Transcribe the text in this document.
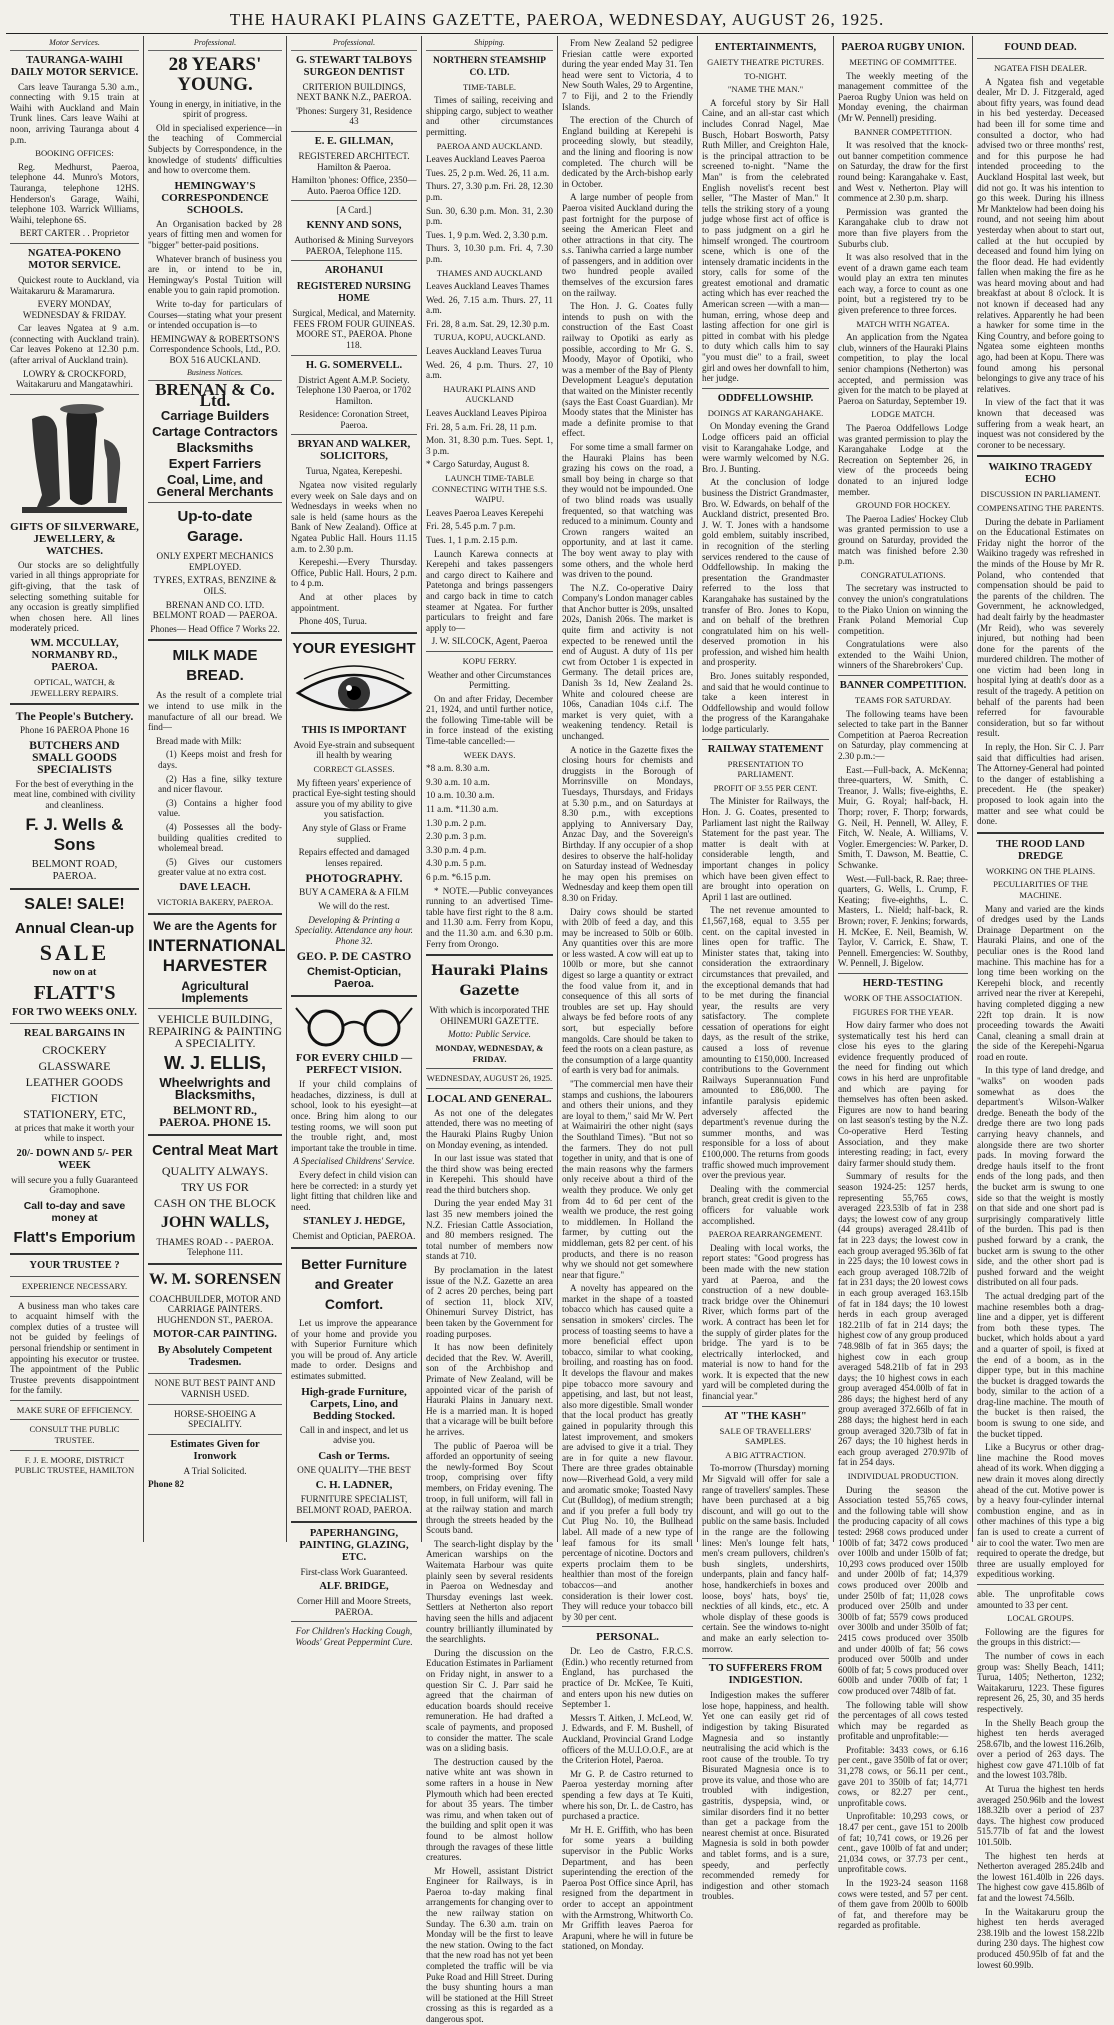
THE HAURAKI PLAINS GAZETTE, PAEROA, WEDNESDAY, AUGUST 26, 1925.
Motor Services.
TAURANGA-WAIHI DAILY MOTOR SERVICE.

Cars leave Tauranga 5.30 a.m., connecting with 9.15 train at Waihi with Auckland and Main Trunk lines. Cars leave Waihi at noon, arriving Tauranga about 4 p.m.

BOOKING OFFICES:

Reg. Medhurst, Paeroa, telephone 44. Munro's Motors, Tauranga, telephone 12HS. Henderson's Garage, Waihi, telephone 103. Warrick Williams, Waihi, telephone 6S.

BERT CARTER . . Proprietor

NGATEA-POKENO MOTOR SERVICE.

Quickest route to Auckland, via Waitakaruru & Maramarura.

EVERY MONDAY, WEDNESDAY & FRIDAY.

Car leaves Ngatea at 9 a.m. (connecting with Auckland train). Car leaves Pokeno at 12.30 p.m. (after arrival of Auckland train).

LOWRY & CROCKFORD, Waitakaruru and Mangatawhiri.

GIFTS OF SILVERWARE, JEWELLERY, & WATCHES.

Our stocks are so delightfully varied in all things appropriate for gift-giving, that the task of selecting something suitable for any occasion is greatly simplified when chosen here. All lines moderately priced.

WM. MCCULLAY, NORMANBY RD., PAEROA.
OPTICAL, WATCH, & JEWELLERY REPAIRS.
The People's Butchery.

Phone 16 PAEROA Phone 16

BUTCHERS AND SMALL GOODS SPECIALISTS

For the best of everything in the meat line, combined with civility and cleanliness.

F. J. Wells & Sons
BELMONT ROAD, PAEROA.
SALE! SALE!
Annual Clean-up
SALE
now on at
FLATT'S
FOR TWO WEEKS ONLY.
REAL BARGAINS IN
CROCKERY
GLASSWARE
LEATHER GOODS
FICTION
STATIONERY, ETC,

at prices that make it worth your while to inspect.

20/- DOWN AND 5/- PER WEEK

will secure you a fully Guaranteed Gramophone.

Call to-day and save money at
Flatt's Emporium
YOUR TRUSTEE ?
EXPERIENCE NECESSARY.

A business man who takes care to acquaint himself with the complex duties of a trustee will not be guided by feelings of personal friendship or sentiment in appointing his executor or trustee. The appointment of the Public Trustee prevents disappointment for the family.

MAKE SURE OF EFFICIENCY.
CONSULT THE PUBLIC TRUSTEE.
F. J. E. MOORE, DISTRICT PUBLIC TRUSTEE, HAMILTON
Professional.
28 YEARS' YOUNG.

Young in energy, in initiative, in the spirit of progress.

Old in specialised experience—in the teaching of Commercial Subjects by Correspondence, in the knowledge of students' difficulties and how to overcome them.

HEMINGWAY'S CORRESPONDENCE SCHOOLS.

An Organisation backed by 28 years of fitting men and women for "bigger" better-paid positions.

Whatever branch of business you are in, or intend to be in, Hemingway's Postal Tuition will enable you to gain rapid promotion.

Write to-day for particulars of Courses—stating what your present or intended occupation is—to

HEMINGWAY & ROBERTSON'S Correspondence Schools, Ltd., P.O. BOX 516 AUCKLAND.

Business Notices.
BRENAN & Co. Ltd.
Carriage Builders
Cartage Contractors
Blacksmiths
Expert Farriers
Coal, Lime, and General Merchants
Up-to-date Garage.

ONLY EXPERT MECHANICS EMPLOYED.

TYRES, EXTRAS, BENZINE & OILS.

BRENAN AND CO. LTD. BELMONT ROAD — PAEROA.

Phones— Head Office 7 Works 22.

MILK MADE BREAD.

As the result of a complete trial we intend to use milk in the manufacture of all our bread. We find—

Bread made with Milk:

(1) Keeps moist and fresh for days.

(2) Has a fine, silky texture and nicer flavour.

(3) Contains a higher food value.

(4) Possesses all the body-building qualities credited to wholemeal bread.

(5) Gives our customers greater value at no extra cost.

DAVE LEACH.
VICTORIA BAKERY, PAEROA.
We are the Agents for
INTERNATIONAL HARVESTER
Agricultural Implements
VEHICLE BUILDING, REPAIRING & PAINTING A SPECIALITY.
W. J. ELLIS,
Wheelwrights and Blacksmiths,
BELMONT RD., PAEROA. PHONE 15.
Central Meat Mart
QUALITY ALWAYS.
TRY US FOR
CASH ON THE BLOCK
JOHN WALLS,

THAMES ROAD - - PAEROA. Telephone 111.

W. M. SORENSEN

COACHBUILDER, MOTOR AND CARRIAGE PAINTERS. HUGHENDON ST., PAEROA.

MOTOR-CAR PAINTING.
By Absolutely Competent Tradesmen.

NONE BUT BEST PAINT AND VARNISH USED.

HORSE-SHOEING A SPECIALITY.

Estimates Given for Ironwork

A Trial Solicited.

Phone 82

Professional.
G. STEWART TALBOYS SURGEON DENTIST

CRITERION BUILDINGS, NEXT BANK N.Z., PAEROA.

'Phones: Surgery 31, Residence 43

E. E. GILLMAN,

REGISTERED ARCHITECT. Hamilton & Paeroa.

Hamilton 'phones: Office, 2350—Auto. Paeroa Office 12D.

[A Card.]

KENNY AND SONS,

Authorised & Mining Surveyors PAEROA, Telephone 115.

AROHANUI
REGISTERED NURSING HOME

Surgical, Medical, and Maternity. FEES FROM FOUR GUINEAS. MOORE ST., PAEROA. Phone 118.

H. G. SOMERVELL.

District Agent A.M.P. Society. Telephone 130 Paeroa, or 1702 Hamilton.

Residence: Coronation Street, Paeroa.

BRYAN AND WALKER, SOLICITORS,

Turua, Ngatea, Kerepeshi.

Ngatea now visited regularly every week on Sale days and on Wednesdays in weeks when no sale is held (same hours as the Bank of New Zealand). Office at Ngatea Public Hall. Hours 11.15 a.m. to 2.30 p.m.

Kerepeshi.—Every Thursday. Office, Public Hall. Hours, 2 p.m. to 4 p.m.

And at other places by appointment.

Phone 40S, Turua.

YOUR EYESIGHT
THIS IS IMPORTANT

Avoid Eye-strain and subsequent ill health by wearing

CORRECT GLASSES.

My fifteen years' experience of practical Eye-sight testing should assure you of my ability to give you satisfaction.

Any style of Glass or Frame supplied.

Repairs effected and damaged lenses repaired.

PHOTOGRAPHY.

BUY A CAMERA & A FILM

We will do the rest.

Developing & Printing a Speciality. Attendance any hour. Phone 32.

GEO. P. DE CASTRO
Chemist-Optician, Paeroa.
FOR EVERY CHILD —PERFECT VISION.

If your child complains of headaches, dizziness, is dull at school, look to his eyesight—at once. Bring him along to our testing rooms, we will soon put the trouble right, and, most important take the trouble in time.

A Specialised Childrens' Service.

Every defect in child vision can here be corrected: in a sturdy yet light fitting that children like and need.

STANLEY J. HEDGE,

Chemist and Optician, PAEROA.

Better Furniture and Greater Comfort.

Let us improve the appearance of your home and provide you with Superior Furniture which you will be proud of. Any article made to order. Designs and estimates submitted.

High-grade Furniture, Carpets, Lino, and Bedding Stocked.

Call in and inspect, and let us advise you.

Cash or Terms.

ONE QUALITY—THE BEST

C. H. LADNER,

FURNITURE SPECIALIST, BELMONT ROAD, PAEROA.

PAPERHANGING, PAINTING, GLAZING, ETC.

First-class Work Guaranteed.

ALF. BRIDGE,

Corner Hill and Moore Streets, PAEROA.

For Children's Hacking Cough, Woods' Great Peppermint Cure.

Shipping.
NORTHERN STEAMSHIP CO. LTD.
TIME-TABLE.

Times of sailing, receiving and shipping cargo, subject to weather and other circumstances permitting.

PAEROA AND AUCKLAND.

Leaves Auckland Leaves Paeroa

Tues. 25, 2 p.m. Wed. 26, 11 a.m.

Thurs. 27, 3.30 p.m. Fri. 28, 12.30 p.m.

Sun. 30, 6.30 p.m. Mon. 31, 2.30 p.m.

Tues. 1, 9 p.m. Wed. 2, 3.30 p.m.

Thurs. 3, 10.30 p.m. Fri. 4, 7.30 p.m.

THAMES AND AUCKLAND

Leaves Auckland Leaves Thames

Wed. 26, 7.15 a.m. Thurs. 27, 11 a.m.

Fri. 28, 8 a.m. Sat. 29, 12.30 p.m.

TURUA, KOPU, AUCKLAND.

Leaves Auckland Leaves Turua

Wed. 26, 4 p.m. Thurs. 27, 10 a.m.

HAURAKI PLAINS AND AUCKLAND

Leaves Auckland Leaves Pipiroa

Fri. 28, 5 a.m. Fri. 28, 11 p.m.

Mon. 31, 8.30 p.m. Tues. Sept. 1, 3 p.m.

* Cargo Saturday, August 8.

LAUNCH TIME-TABLE CONNECTING WITH THE S.S. WAIPU.

Leaves Paeroa Leaves Kerepehi

Fri. 28, 5.45 p.m. 7 p.m.

Tues. 1, 1 p.m. 2.15 p.m.

Launch Karewa connects at Kerepehi and takes passengers and cargo direct to Kaihere and Patetonga and brings passengers and cargo back in time to catch steamer at Ngatea. For further particulars to freight and fare apply to—

J. W. SILCOCK, Agent, Paeroa

KOPU FERRY.

Weather and other Circumstances Permitting.

On and after Friday, December 21, 1924, and until further notice, the following Time-table will be in force instead of the existing Time-table cancelled:—

WEEK DAYS.

*8 a.m. 8.30 a.m.

9.30 a.m. 10 a.m.

10 a.m. 10.30 a.m.

11 a.m. *11.30 a.m.

1.30 p.m. 2 p.m.

2.30 p.m. 3 p.m.

3.30 p.m. 4 p.m.

4.30 p.m. 5 p.m.

6 p.m. *6.15 p.m.

* NOTE.—Public conveyances running to an advertised Time-table have first right to the 8 a.m. and 11.30 a.m. Ferry from Kopu, and the 11.30 a.m. and 6.30 p.m. Ferry from Orongo.

Hauraki Plains Gazette

With which is incorporated THE OHINEMURI GAZETTE.

Motto: Public Service.

MONDAY, WEDNESDAY, & FRIDAY.
WEDNESDAY, AUGUST 26, 1925.
LOCAL AND GENERAL.

As not one of the delegates attended, there was no meeting of the Hauraki Plains Rugby Union on Monday evening, as intended.

In our last issue was stated that the third show was being erected in Kerepehi. This should have read the third butchers shop.

During the year ended May 31 last 35 new members joined the N.Z. Friesian Cattle Association, and 80 members resigned. The total number of members now stands at 710.

By proclamation in the latest issue of the N.Z. Gazette an area of 2 acres 20 perches, being part of section 11, block XIV, Ohinemuri Survey District, has been taken by the Government for roading purposes.

It has now been definitely decided that the Rev. W. Averill, son of the Archbishop and Primate of New Zealand, will be appointed vicar of the parish of Hauraki Plains in January next. He is a married man. It is hoped that a vicarage will be built before he arrives.

The public of Paeroa will be afforded an opportunity of seeing the newly-formed Boy Scout troop, comprising over fifty members, on Friday evening. The troop, in full uniform, will fall in at the railway station and march through the streets headed by the Scouts band.

The search-light display by the American warships on the Waitemata Harbour was quite plainly seen by several residents in Paeroa on Wednesday and Thursday evenings last week. Settlers at Netherton also report having seen the hills and adjacent country brilliantly illuminated by the searchlights.

During the discussion on the Education Estimates in Parliament on Friday night, in answer to a question Sir C. J. Parr said he agreed that the chairman of education boards should receive remuneration. He had drafted a scale of payments, and proposed to consider the matter. The scale was on a sliding basis.

The destruction caused by the native white ant was shown in some rafters in a house in New Plymouth which had been erected for about 35 years. The timber was rimu, and when taken out of the building and split open it was found to be almost hollow through the ravages of these little creatures.

Mr Howell, assistant District Engineer for Railways, is in Paeroa to-day making final arrangements for changing over to the new railway station on Sunday. The 6.30 a.m. train on Monday will be the first to leave the new station. Owing to the fact that the new road has not yet been completed the traffic will be via Puke Road and Hill Street. During the busy shunting hours a man will be stationed at the Hill Street crossing as this is regarded as a dangerous spot.

From New Zealand 52 pedigree Friesian cattle were exported during the year ended May 31. Ten head were sent to Victoria, 4 to New South Wales, 29 to Argentine, 7 to Fiji, and 2 to the Friendly Islands.

The erection of the Church of England building at Kerepehi is proceeding slowly, but steadily, and the lining and flooring is now completed. The church will be dedicated by the Arch-bishop early in October.

A large number of people from Paeroa visited Auckland during the past fortnight for the purpose of seeing the American Fleet and other attractions in that city. The s.s. Taniwha carried a large number of passengers, and in addition over two hundred people availed themselves of the excursion fares on the railway.

The Hon. J. G. Coates fully intends to push on with the construction of the East Coast railway to Opotiki as early as possible, according to Mr G. S. Moody, Mayor of Opotiki, who was a member of the Bay of Plenty Development League's deputation that waited on the Minister recently (says the East Coast Guardian). Mr Moody states that the Minister has made a definite promise to that effect.

For some time a small farmer on the Hauraki Plains has been grazing his cows on the road, a small boy being in charge so that they would not be impounded. One of two blind roads was usually frequented, so that watching was reduced to a minimum. County and Crown rangers waited an opportunity, and at last it came. The boy went away to play with some others, and the whole herd was driven to the pound.

The N.Z. Co-operative Dairy Company's London manager cables that Anchor butter is 209s, unsalted 202s, Danish 206s. The market is quite firm and activity is not expected to be renewed until the end of August. A duty of 11s per cwt from October 1 is expected in Germany. The detail prices are, Danish 3s 1d, New Zealand 2s. White and coloured cheese are 106s, Canadian 104s c.i.f. The market is very quiet, with a weakening tendency. Retail is unchanged.

A notice in the Gazette fixes the closing hours for chemists and druggists in the Borough of Morrinsville on Mondays, Tuesdays, Thursdays, and Fridays at 5.30 p.m., and on Saturdays at 8.30 p.m., with exceptions applying to Anniversary Day, Anzac Day, and the Sovereign's Birthday. If any occupier of a shop desires to observe the half-holiday on Saturday instead of Wednesday he may open his premises on Wednesday and keep them open till 8.30 on Friday.

Dairy cows should be started with 20lb of feed a day, and this may be increased to 50lb or 60lb. Any quantities over this are more or less wasted. A cow will eat up to 100lb or more, but she cannot digest so large a quantity or extract the food value from it, and in consequence of this all sorts of troubles are set up. Hay should always be fed before roots of any sort, but especially before mangolds. Care should be taken to feed the roots on a clean pasture, as the consumption of a large quantity of earth is very bad for animals.

"The commercial men have their stamps and cushions, the labourers and others their unions, and they are loyal to them," said Mr W. Pert at Waimairiri the other night (says the Southland Times). "But not so the farmers. They do not pull together in unity, and that is one of the main reasons why the farmers only receive about a third of the wealth they produce. We only get from 4d to 6d per cent of the wealth we produce, the rest going to middlemen. In Holland the farmer, by cutting out the middleman, gets 82 per cent. of his products, and there is no reason why we should not get somewhere near that figure."

A novelty has appeared on the market in the shape of a toasted tobacco which has caused quite a sensation in smokers' circles. The process of toasting seems to have a more beneficial effect upon tobacco, similar to what cooking, broiling, and roasting has on food. It develops the flavour and makes pipe tobacco more savoury and appetising, and last, but not least, also more digestible. Small wonder that the local product has greatly gained in popularity through this latest improvement, and smokers are advised to give it a trial. They are in for quite a new flavour. There are three grades obtainable now—Riverhead Gold, a very mild and aromatic smoke; Toasted Navy Cut (Bulldog), of medium strength; and if you prefer a full body try Cut Plug No. 10, the Bullhead label. All made of a new type of leaf famous for its small percentage of nicotine. Doctors and experts proclaim them to be healthier than most of the foreign tobaccos—and another consideration is their lower cost. They will reduce your tobacco bill by 30 per cent.

PERSONAL.

Dr. Leo de Castro, F.R.C.S. (Edin.) who recently returned from England, has purchased the practice of Dr. McKee, Te Kuiti, and enters upon his new duties on September 1.

Messrs T. Aitken, J. McLeod, W. J. Edwards, and F. M. Bushell, of Auckland, Provincial Grand Lodge officers of the M.U.I.O.O.F., are at the Criterion Hotel, Paeroa.

Mr G. P. de Castro returned to Paeroa yesterday morning after spending a few days at Te Kuiti, where his son, Dr. L. de Castro, has purchased a practice.

Mr H. E. Griffith, who has been for some years a building supervisor in the Public Works Department, and has been superintending the erection of the Paeroa Post Office since April, has resigned from the department in order to accept an appointment with the Armstrong, Whitworth Co. Mr Griffith leaves Paeroa for Arapuni, where he will in future be stationed, on Monday.

ENTERTAINMENTS,
GAIETY THEATRE PICTURES.
TO-NIGHT.
"NAME THE MAN."

A forceful story by Sir Hall Caine, and an all-star cast which includes Conrad Nagel, Mae Busch, Hobart Bosworth, Patsy Ruth Miller, and Creighton Hale, is the principal attraction to be screened to-night. "Name the Man" is from the celebrated English novelist's recent best seller, "The Master of Man." It tells the striking story of a young judge whose first act of office is to pass judgment on a girl he himself wronged. The courtroom scene, which is one of the intensely dramatic incidents in the story, calls for some of the greatest emotional and dramatic acting which has ever reached the American screen —with a man—human, erring, whose deep and lasting affection for one girl is pitted in combat with his pledge to duty which calls him to say "you must die" to a frail, sweet girl and owes her downfall to him, her judge.

ODDFELLOWSHIP.
DOINGS AT KARANGAHAKE.

On Monday evening the Grand Lodge officers paid an official visit to Karangahake Lodge, and were warmly welcomed by N.G. Bro. J. Bunting.

At the conclusion of lodge business the District Grandmaster, Bro. W. Edwards, on behalf of the Auckland district, presented Bro. J. W. T. Jones with a handsome gold emblem, suitably inscribed, in recognition of the sterling services rendered to the cause of Oddfellowship. In making the presentation the Grandmaster referred to the loss that Karangahake has sustained by the transfer of Bro. Jones to Kopu, and on behalf of the brethren congratulated him on his well-deserved promotion in his profession, and wished him health and prosperity.

Bro. Jones suitably responded, and said that he would continue to take a keen interest in Oddfellowship and would follow the progress of the Karangahake lodge particularly.

RAILWAY STATEMENT
PRESENTATION TO PARLIAMENT.
PROFIT OF 3.55 PER CENT.

The Minister for Railways, the Hon. J. G. Coates, presented to Parliament last night the Railway Statement for the past year. The matter is dealt with at considerable length, and important changes in policy which have been given effect to are brought into operation on April 1 last are outlined.

The net revenue amounted to £1,567,168, equal to 3.55 per cent. on the capital invested in lines open for traffic. The Minister states that, taking into consideration the extraordinary circumstances that prevailed, and the exceptional demands that had to be met during the financial year, the results are very satisfactory. The complete cessation of operations for eight days, as the result of the strike, caused a loss of revenue amounting to £150,000. Increased contributions to the Government Railways Superannuation Fund amounted to £86,000. The infantile paralysis epidemic adversely affected the department's revenue during the summer months, and was responsible for a loss of about £100,000. The returns from goods traffic showed much improvement over the previous year.

Dealing with the commercial branch, great credit is given to the officers for valuable work accomplished.

PAEROA REARRANGEMENT.

Dealing with local works, the report states: "Good progress has been made with the new station yard at Paeroa, and the construction of a new double-track bridge over the Ohinemuri River, which forms part of the work. A contract has been let for the supply of girder plates for the bridge. The yard is to be electrically interlocked, and material is now to hand for the work. It is expected that the new yard will be completed during the financial year."

AT "THE KASH"
SALE OF TRAVELLERS' SAMPLES.
A BIG ATTRACTION.

To-morrow (Thursday) morning Mr Sigvald will offer for sale a range of travellers' samples. These have been purchased at a big discount, and will go out to the public on the same basis. Included in the range are the following lines: Men's lounge felt hats, men's cream pullovers, children's bush singlets, undershirts, underpants, plain and fancy half-hose, handkerchiefs in boxes and loose, boys' hats, boys' tie, neckties of all kinds, etc., etc. A whole display of these goods is certain. See the windows to-night and make an early selection to-morrow.

TO SUFFERERS FROM INDIGESTION.

Indigestion makes the sufferer lose hope, happiness, and health. Yet one can easily get rid of indigestion by taking Bisurated Magnesia and so instantly neutralising the acid which is the root cause of the trouble. To try Bisurated Magnesia once is to prove its value, and those who are troubled with indigestion, gastritis, dyspepsia, wind, or similar disorders find it no better than get a package from the nearest chemist at once. Bisurated Magnesia is sold in both powder and tablet forms, and is a sure, speedy, and perfectly recommended remedy for indigestion and other stomach troubles.

PAEROA RUGBY UNION.
MEETING OF COMMITTEE.

The weekly meeting of the management committee of the Paeroa Rugby Union was held on Monday evening, the chairman (Mr W. Pennell) presiding.

BANNER COMPETITION.

It was resolved that the knock-out banner competition commence on Saturday, the draw for the first round being: Karangahake v. East, and West v. Netherton. Play will commence at 2.30 p.m. sharp.

Permission was granted the Karangahake club to draw not more than five players from the Suburbs club.

It was also resolved that in the event of a drawn game each team would play an extra ten minutes each way, a force to count as one point, but a registered try to be given preference to three forces.

MATCH WITH NGATEA.

An application from the Ngatea club, winners of the Hauraki Plains competition, to play the local senior champions (Netherton) was accepted, and permission was given for the match to be played at Paeroa on Saturday, September 19.

LODGE MATCH.

The Paeroa Oddfellows Lodge was granted permission to play the Karangahake Lodge at the Recreation on September 26, in view of the proceeds being donated to an injured lodge member.

GROUND FOR HOCKEY.

The Paeroa Ladies' Hockey Club was granted permission to use a ground on Saturday, provided the match was finished before 2.30 p.m.

CONGRATULATIONS.

The secretary was instructed to convey the union's congratulations to the Piako Union on winning the Frank Poland Memorial Cup competition.

Congratulations were also extended to the Waihi Union, winners of the Sharebrokers' Cup.

BANNER COMPETITION.
TEAMS FOR SATURDAY.

The following teams have been selected to take part in the Banner Competition at Paeroa Recreation on Saturday, play commencing at 2.30 p.m.:—

East.—Full-back, A. McKenna; three-quarters, W. Smith, C. Treanor, J. Walls; five-eighths, E. Muir, G. Royal; half-back, H. Thorp; rover, F. Thorp; forwards, G. Neil, H. Pennell, W. Alley, F. Fitch, W. Neale, A. Williams, V. Vogler. Emergencies: W. Parker, D. Smith, T. Dawson, M. Beattie, C. Schwanke.

West.—Full-back, R. Rae; three-quarters, G. Wells, L. Crump, F. Keating; five-eighths, L. C. Masters, L. Nield; half-back, R. Brown; rover, F. Jenkins; forwards, H. McKee, E. Neil, Beamish, W. Taylor, V. Carrick, E. Shaw, T. Pennell. Emergencies: W. Southby, W. Pennell, J. Bigelow.

HERD-TESTING
WORK OF THE ASSOCIATION.
FIGURES FOR THE YEAR.

How dairy farmer who does not systematically test his herd can close his eyes to the glaring evidence frequently produced of the need for finding out which cows in his herd are unprofitable and which are paying for themselves has often been asked. Figures are now to hand bearing on last season's testing by the N.Z. Co-operative Herd Testing Association, and they make interesting reading; in fact, every dairy farmer should study them.

Summary of results for the season 1924-25: 1257 herds, representing 55,765 cows, averaged 223.53lb of fat in 238 days; the lowest cow of any group (44 groups) averaged 28.41lb of fat in 223 days; the lowest cow in each group averaged 95.36lb of fat in 225 days; the 10 lowest cows in each group averaged 108.72lb of fat in 231 days; the 20 lowest cows in each group averaged 163.15lb of fat in 184 days; the 10 lowest herds in each group averaged 182.21lb of fat in 214 days; the highest cow of any group produced 748.98lb of fat in 365 days; the highest cow in each group averaged 548.21lb of fat in 293 days; the 10 highest cows in each group averaged 454.00lb of fat in 286 days; the highest herd of any group averaged 372.66lb of fat in 288 days; the highest herd in each group averaged 320.73lb of fat in 267 days; the 10 highest herds in each group averaged 270.97lb of fat in 254 days.

INDIVIDUAL PRODUCTION.

During the season the Association tested 55,765 cows, and the following table will show the producing capacity of all cows tested: 2968 cows produced under 100lb of fat; 3472 cows produced over 100lb and under 150lb of fat; 10,293 cows produced over 150lb and under 200lb of fat; 14,379 cows produced over 200lb and under 250lb of fat; 11,028 cows produced over 250lb and under 300lb of fat; 5579 cows produced over 300lb and under 350lb of fat; 2415 cows produced over 350lb and under 400lb of fat; 56 cows produced over 500lb and under 600lb of fat; 5 cows produced over 600lb and under 700lb of fat; 1 cow produced over 748lb of fat.

The following table will show the percentages of all cows tested which may be regarded as profitable and unprofitable:—

Profitable: 3433 cows, or 6.16 per cent., gave 350lb of fat or over; 31,278 cows, or 56.11 per cent., gave 201 to 350lb of fat; 14,771 cows, or 82.27 per cent., unprofitable cows.

Unprofitable: 10,293 cows, or 18.47 per cent., gave 151 to 200lb of fat; 10,741 cows, or 19.26 per cent., gave 100lb of fat and under; 21,034 cows, or 37.73 per cent., unprofitable cows.

In the 1923-24 season 1168 cows were tested, and 57 per cent. of them gave from 200lb to 600lb of fat, and therefore may be regarded as profitable.

FOUND DEAD.
NGATEA FISH DEALER.

A Ngatea fish and vegetable dealer, Mr D. J. Fitzgerald, aged about fifty years, was found dead in his bed yesterday. Deceased had been ill for some time and consulted a doctor, who had advised two or three months' rest, and for this purpose he had intended proceeding to the Auckland Hospital last week, but did not go. It was his intention to go this week. During his illness Mr Manktelow had been doing his round, and not seeing him about yesterday when about to start out, called at the hut occupied by deceased and found him lying on the floor dead. He had evidently fallen when making the fire as he was heard moving about and had breakfast at about 8 o'clock. It is not known if deceased had any relatives. Apparently he had been a hawker for some time in the King Country, and before going to Ngatea some eighteen months ago, had been at Kopu. There was found among his personal belongings to give any trace of his relatives.

In view of the fact that it was known that deceased was suffering from a weak heart, an inquest was not considered by the coroner to be necessary.

WAIKINO TRAGEDY ECHO
DISCUSSION IN PARLIAMENT.
COMPENSATING THE PARENTS.

During the debate in Parliament on the Educational Estimates on Friday night the horror of the Waikino tragedy was refreshed in the minds of the House by Mr R. Poland, who contended that compensation should be paid to the parents of the children. The Government, he acknowledged, had dealt fairly by the headmaster (Mr Reid), who was severely injured, but nothing had been done for the parents of the murdered children. The mother of one victim had been long in hospital lying at death's door as a result of the tragedy. A petition on behalf of the parents had been referred for favourable consideration, but so far without result.

In reply, the Hon. Sir C. J. Parr said that difficulties had arisen. The Attorney-General had pointed to the danger of establishing a precedent. He (the speaker) proposed to look again into the matter and see what could be done.

THE ROOD LAND DREDGE
WORKING ON THE PLAINS.
PECULIARITIES OF THE MACHINE.

Many and varied are the kinds of dredges used by the Lands Drainage Department on the Hauraki Plains, and one of the peculiar ones is the Rood land machine. This machine has for a long time been working on the Kerepehi block, and recently arrived near the river at Kerepehi, having completed digging a new 22ft top drain. It is now proceeding towards the Awaiti Canal, cleaning a small drain at the side of the Kerepehi-Ngarua road en route.

In this type of land dredge, and "walks" on wooden pads somewhat as does the department's Wilson-Walker dredge. Beneath the body of the dredge there are two long pads carrying heavy channels, and alongside there are two shorter pads. In moving forward the dredge hauls itself to the front ends of the long pads, and then the bucket arm is swung to one side so that the weight is mostly on that side and one short pad is surprisingly comparatively little of the burden. This pad is then pushed forward by a crank, the bucket arm is swung to the other side, and the other short pad is pushed forward and the weight distributed on all four pads.

The actual dredging part of the machine resembles both a drag-line and a dipper, yet is different from both these types. The bucket, which holds about a yard and a quarter of spoil, is fixed at the end of a boom, as in the dipper type, but in this machine the bucket is dragged towards the body, similar to the action of a drag-line machine. The mouth of the bucket is then raised, the boom is swung to one side, and the bucket tipped.

Like a Bucyrus or other drag-line machine the Rood moves ahead of its work. When digging a new drain it moves along directly ahead of the cut. Motive power is by a heavy four-cylinder internal combustion engine, and as in other machines of this type a big fan is used to create a current of air to cool the water. Two men are required to operate the dredge, but three are usually employed for expeditious working.

able. The unprofitable cows amounted to 33 per cent.

LOCAL GROUPS.

Following are the figures for the groups in this district:—

The number of cows in each group was: Shelly Beach, 1411; Turua, 1405; Netherton, 1232; Waitakaruru, 1223. These figures represent 26, 25, 30, and 35 herds respectively.

In the Shelly Beach group the highest ten herds averaged 258.67lb, and the lowest 116.26lb, over a period of 263 days. The highest cow gave 471.10lb of fat and the lowest 103.78lb.

At Turua the highest ten herds averaged 250.96lb and the lowest 188.32lb over a period of 237 days. The highest cow produced 515.77lb of fat and the lowest 101.50lb.

The highest ten herds at Netherton averaged 285.24lb and the lowest 161.40lb in 226 days. The highest cow gave 415.86lb of fat and the lowest 74.56lb.

In the Waitakaruru group the highest ten herds averaged 238.19lb and the lowest 158.22lb during 230 days. The highest cow produced 450.95lb of fat and the lowest 60.99lb.
